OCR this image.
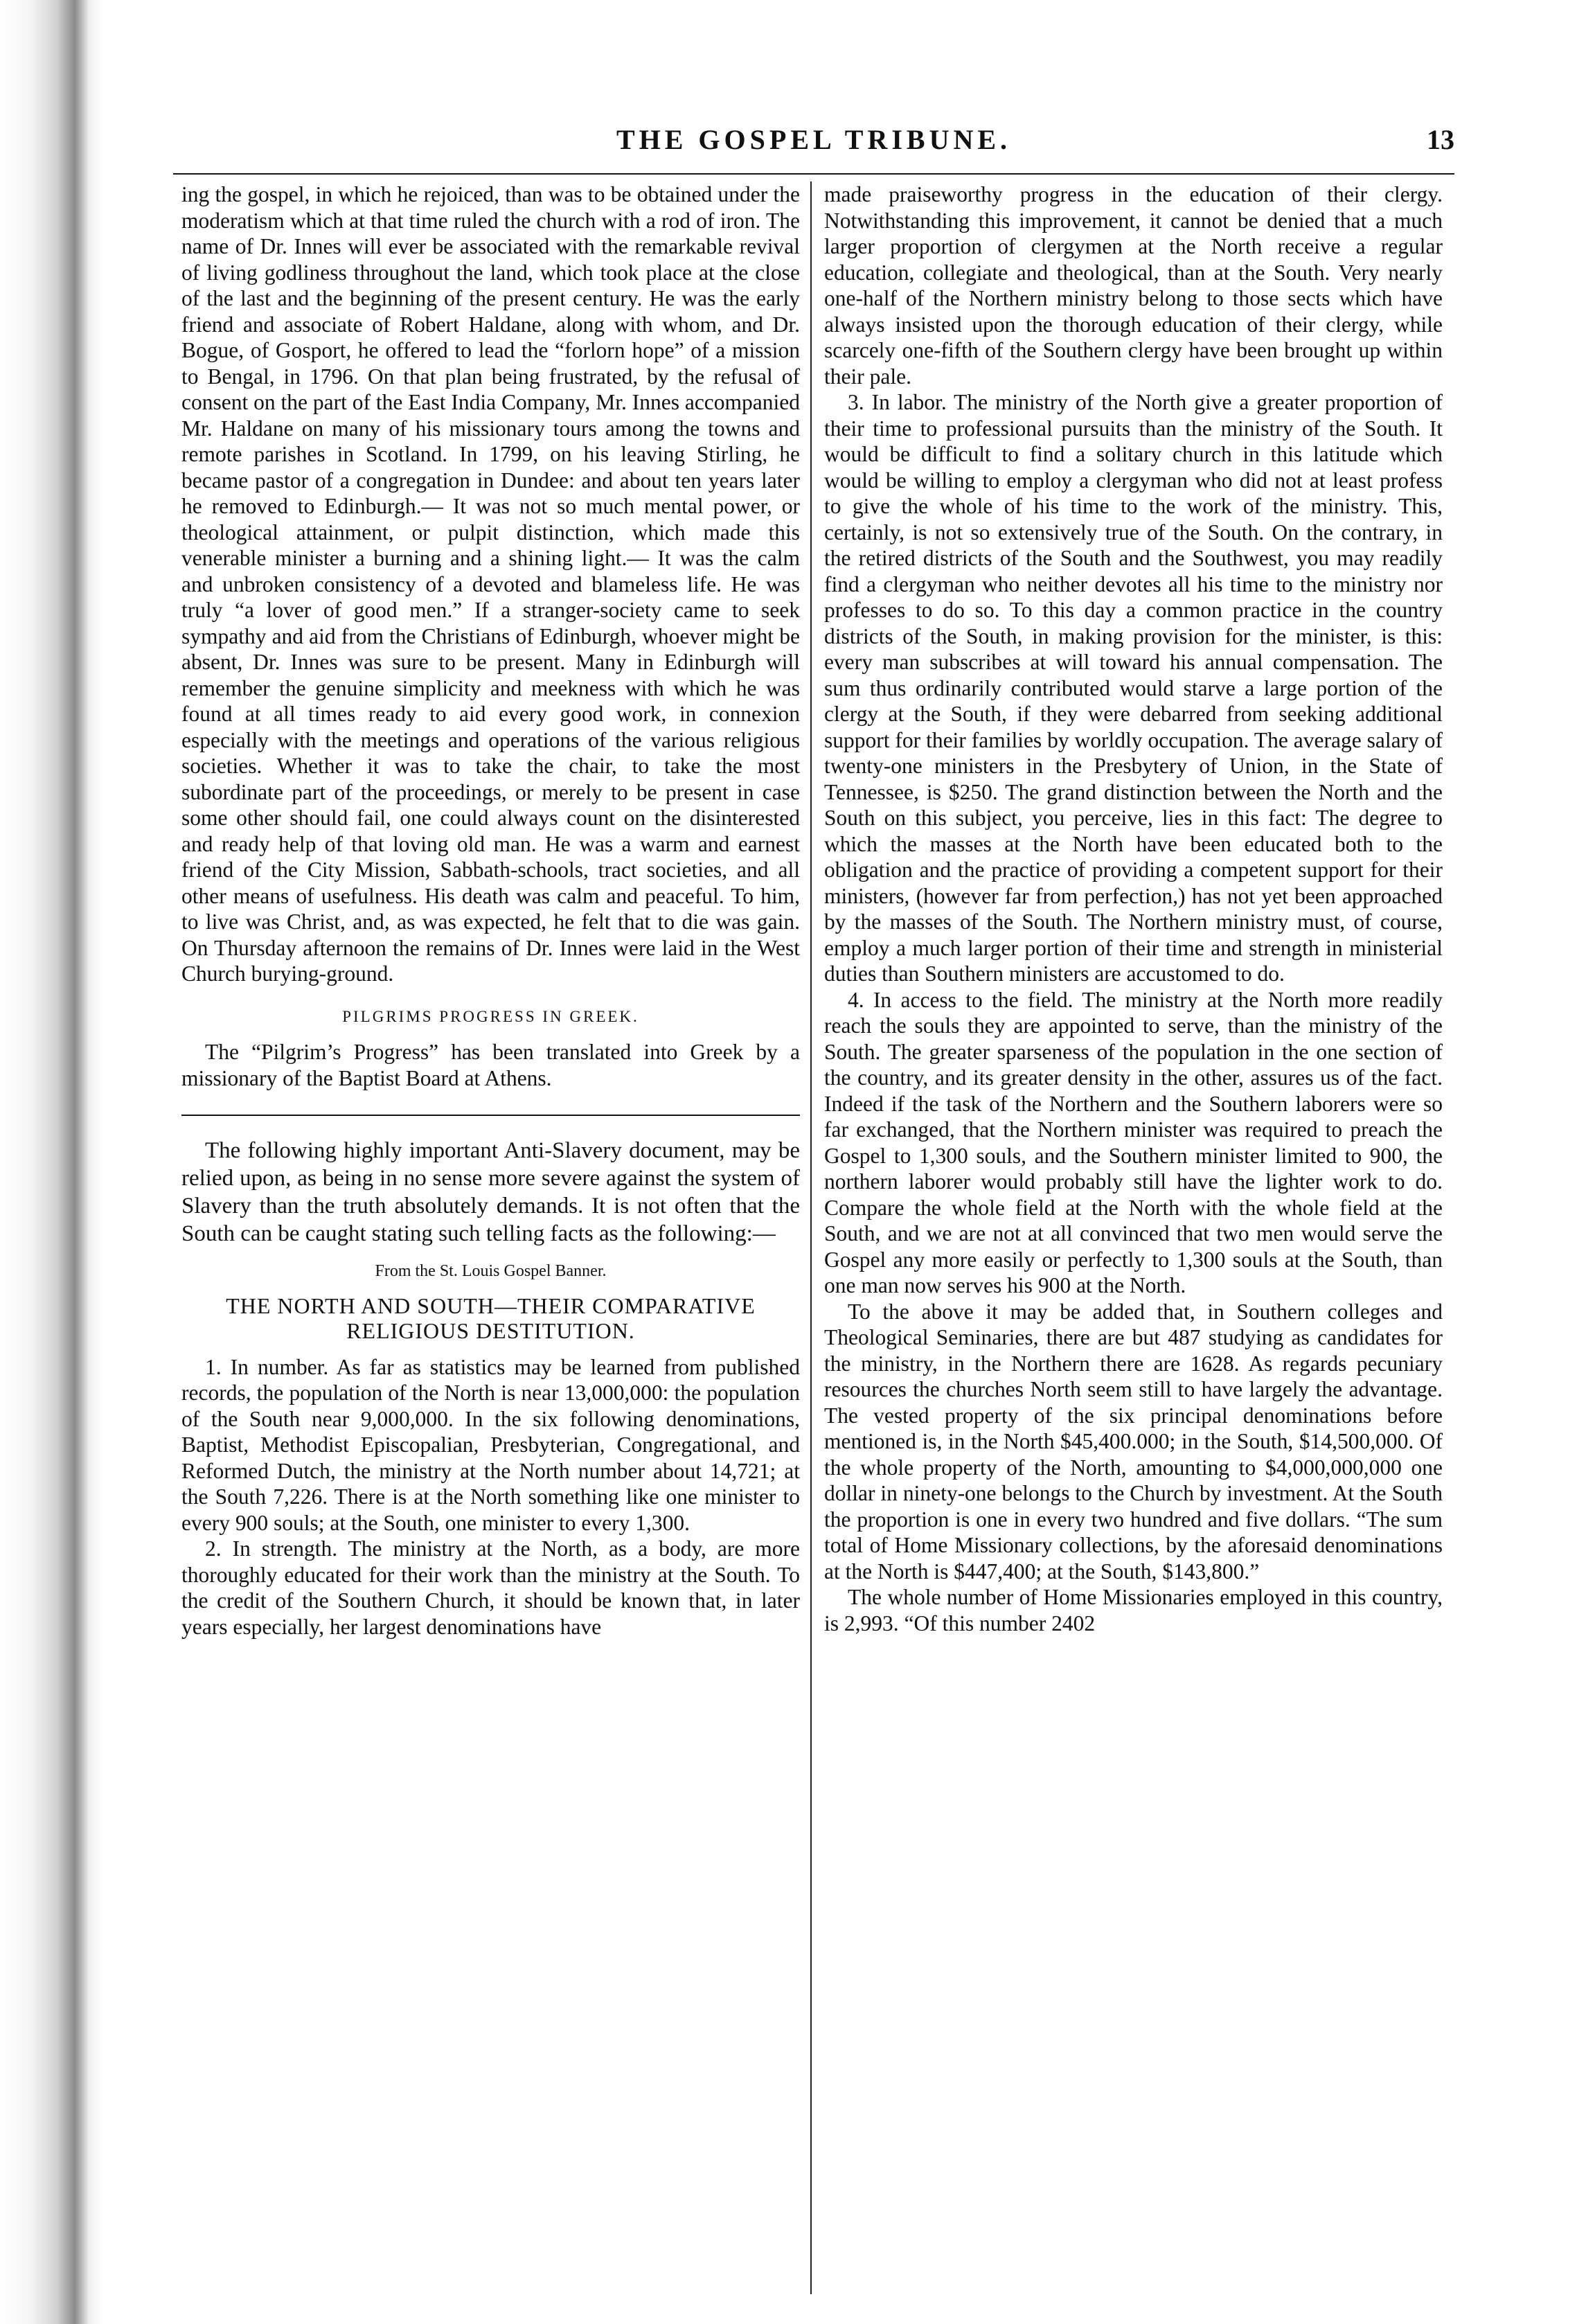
THE GOSPEL TRIBUNE.	13

ing the gospel, in which he rejoiced, than was to be obtained under the moderatism which at that time ruled the church with a rod of iron. The name of Dr. Innes will ever be associated with the remarkable revival of living godliness throughout the land, which took place at the close of the last and the beginning of the present century. He was the early friend and associate of Robert Haldane, along with whom, and Dr. Bogue, of Gosport, he offered to lead the “forlorn hope” of a mission to Bengal, in 1796. On that plan being frustrated, by the refusal of consent on the part of the East India Company, Mr. Innes accompanied Mr. Haldane on many of his missionary tours among the towns and remote parishes in Scotland. In 1799, on his leaving Stirling, he became pastor of a congregation in Dundee: and about ten years later he removed to Edinburgh.— It was not so much mental power, or theological attainment, or pulpit distinction, which made this venerable minister a burning and a shining light.— It was the calm and unbroken consistency of a devoted and blameless life. He was truly “a lover of good men.” If a stranger-society came to seek sympathy and aid from the Christians of Edinburgh, whoever might be absent, Dr. Innes was sure to be present. Many in Edinburgh will remember the genuine simplicity and meekness with which he was found at all times ready to aid every good work, in connexion especially with the meetings and operations of the various religious societies. Whether it was to take the chair, to take the most subordinate part of the proceedings, or merely to be present in case some other should fail, one could always count on the disinterested and ready help of that loving old man. He was a warm and earnest friend of the City Mission, Sabbath-schools, tract societies, and all other means of usefulness. His death was calm and peaceful. To him, to live was Christ, and, as was expected, he felt that to die was gain. On Thursday afternoon the remains of Dr. Innes were laid in the West Church burying-ground.

PILGRIMS PROGRESS IN GREEK.

The “Pilgrim’s Progress” has been translated into Greek by a missionary of the Baptist Board at Athens.

The following highly important Anti-Slavery document, may be relied upon, as being in no sense more severe against the system of Slavery than the truth absolutely demands. It is not often that the South can be caught stating such telling facts as the following:—

From the St. Louis Gospel Banner.
THE NORTH AND SOUTH—THEIR COMPARATIVE RELIGIOUS DESTITUTION.

1. In number. As far as statistics may be learned from published records, the population of the North is near 13,000,000: the population of the South near 9,000,000. In the six following denominations, Baptist, Methodist Episcopalian, Presbyterian, Congregational, and Reformed Dutch, the ministry at the North number about 14,721; at the South 7,226. There is at the North something like one minister to every 900 souls; at the South, one minister to every 1,300.

2. In strength. The ministry at the North, as a body, are more thoroughly educated for their work than the ministry at the South. To the credit of the Southern Church, it should be known that, in later years especially, her largest denominations have

made praiseworthy progress in the education of their clergy. Notwithstanding this improvement, it cannot be denied that a much larger proportion of clergymen at the North receive a regular education, collegiate and theological, than at the South. Very nearly one-half of the Northern ministry belong to those sects which have always insisted upon the thorough education of their clergy, while scarcely one-fifth of the Southern clergy have been brought up within their pale.

3. In labor. The ministry of the North give a greater proportion of their time to professional pursuits than the ministry of the South. It would be difficult to find a solitary church in this latitude which would be willing to employ a clergyman who did not at least profess to give the whole of his time to the work of the ministry. This, certainly, is not so extensively true of the South. On the contrary, in the retired districts of the South and the Southwest, you may readily find a clergyman who neither devotes all his time to the ministry nor professes to do so. To this day a common practice in the country districts of the South, in making provision for the minister, is this: every man subscribes at will toward his annual compensation. The sum thus ordinarily contributed would starve a large portion of the clergy at the South, if they were debarred from seeking additional support for their families by worldly occupation. The average salary of twenty-one ministers in the Presbytery of Union, in the State of Tennessee, is $250. The grand distinction between the North and the South on this subject, you perceive, lies in this fact: The degree to which the masses at the North have been educated both to the obligation and the practice of providing a competent support for their ministers, (however far from perfection,) has not yet been approached by the masses of the South. The Northern ministry must, of course, employ a much larger portion of their time and strength in ministerial duties than Southern ministers are accustomed to do.

4. In access to the field. The ministry at the North more readily reach the souls they are appointed to serve, than the ministry of the South. The greater sparseness of the population in the one section of the country, and its greater density in the other, assures us of the fact. Indeed if the task of the Northern and the Southern laborers were so far exchanged, that the Northern minister was required to preach the Gospel to 1,300 souls, and the Southern minister limited to 900, the northern laborer would probably still have the lighter work to do. Compare the whole field at the North with the whole field at the South, and we are not at all convinced that two men would serve the Gospel any more easily or perfectly to 1,300 souls at the South, than one man now serves his 900 at the North.

To the above it may be added that, in Southern colleges and Theological Seminaries, there are but 487 studying as candidates for the ministry, in the Northern there are 1628. As regards pecuniary resources the churches North seem still to have largely the advantage. The vested property of the six principal denominations before mentioned is, in the North $45,400.000; in the South, $14,500,000. Of the whole property of the North, amounting to $4,000,000,000 one dollar in ninety-one belongs to the Church by investment. At the South the proportion is one in every two hundred and five dollars. “The sum total of Home Missionary collections, by the aforesaid denominations at the North is $447,400; at the South, $143,800.”

The whole number of Home Missionaries employed in this country, is 2,993. “Of this number 2402
